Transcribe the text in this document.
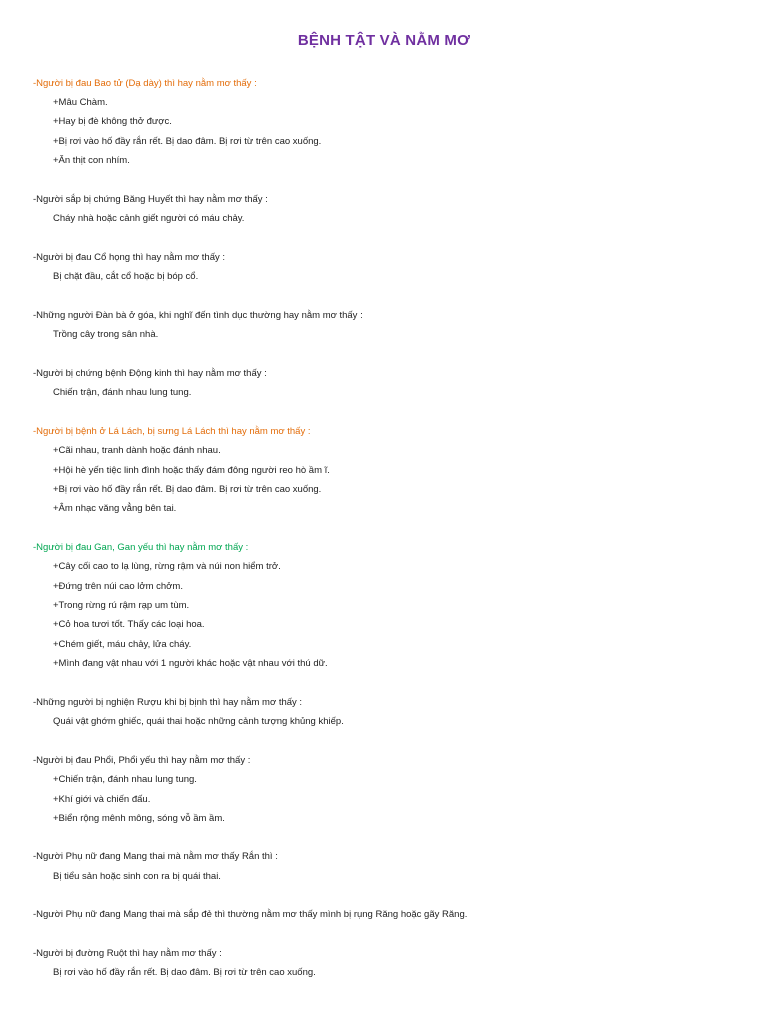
BỆNH TẬT VÀ NẰM MƠ
-Người bị đau Bao tử (Dạ dày) thì hay nằm mơ thấy :
+Mâu Chàm.
+Hay bị đè không thở được.
+Bị rơi vào hố đầy rắn rết. Bị dao đâm. Bị rơi từ trên cao xuống.
+Ăn thịt con nhím.
-Người sắp bị chứng Băng Huyết thì hay nằm mơ thấy :
Cháy nhà hoặc cảnh giết người có máu chảy.
-Người bị đau Cổ họng thì hay nằm mơ thấy :
Bị chặt đầu, cắt cổ hoặc bị bóp cổ.
-Những người Đàn bà ở góa, khi nghĩ đến tình dục thường hay nằm mơ thấy :
Trồng cây trong sân nhà.
-Người bị chứng bệnh Động kinh thì hay nằm mơ thấy :
Chiến trận, đánh nhau lung tung.
-Người bị bệnh ở Lá Lách, bị sưng Lá Lách thì hay nằm mơ thấy :
+Cãi nhau, tranh dành hoặc đánh nhau.
+Hội hè yến tiệc linh đình hoặc thấy đám đông người reo hò ầm ĩ.
+Bị rơi vào hố đầy rắn rết. Bị dao đâm. Bị rơi từ trên cao xuống.
+Âm nhạc văng vẳng bên tai.
-Người bị đau Gan, Gan yếu thì hay nằm mơ thấy :
+Cây cối cao to lạ lùng, rừng rậm và núi non hiểm trở.
+Đứng trên núi cao lởm chởm.
+Trong rừng rú rậm rạp um tùm.
+Cỏ hoa tươi tốt. Thấy các loại hoa.
+Chém giết, máu chảy, lửa cháy.
+Mình đang vật nhau với 1 người khác hoặc vật nhau với thú dữ.
-Những người bị nghiện Rượu khi bị bịnh thì hay nằm mơ thấy :
Quái vật ghớm ghiếc, quái thai hoặc những cảnh tượng khủng khiếp.
-Người bị đau Phổi, Phổi yếu thì hay nằm mơ thấy :
+Chiến trận, đánh nhau lung tung.
+Khí giới và chiến đấu.
+Biển rộng mênh mông, sóng vỗ ầm ầm.
-Người Phụ nữ đang Mang thai mà nằm mơ thấy Rắn thì :
Bị tiểu sản hoặc sinh con ra bị quái thai.
-Người Phụ nữ đang Mang thai mà sắp đẻ thì thường nằm mơ thấy mình bị rụng Răng hoặc gãy Răng.
-Người bị đường Ruột thì hay nằm mơ thấy :
Bị rơi vào hố đầy rắn rết. Bị dao đâm. Bị rơi từ trên cao xuống.
